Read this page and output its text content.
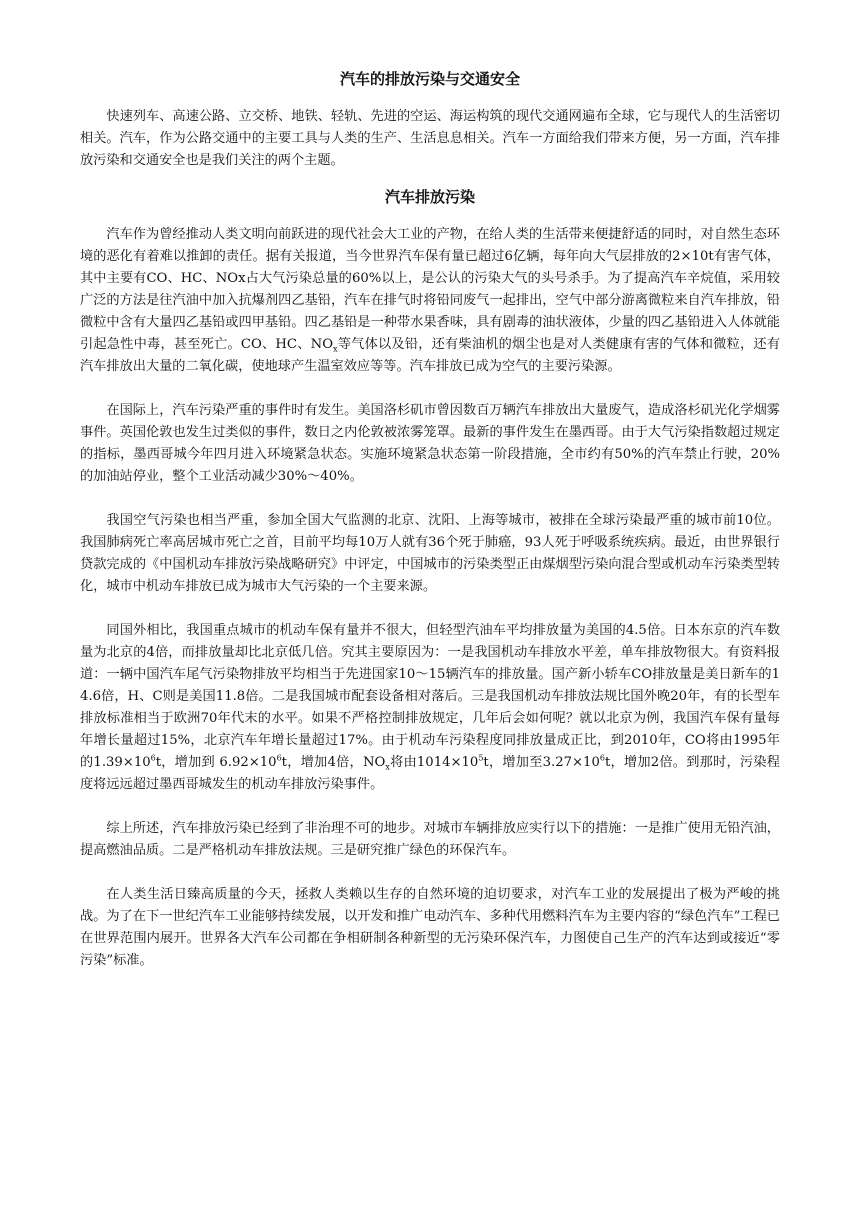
汽车的排放污染与交通安全

快速列车、高速公路、立交桥、地铁、轻轨、先进的空运、海运构筑的现代交通网遍布全球，它与现代人的生活密切相关。汽车，作为公路交通中的主要工具与人类的生产、生活息息相关。汽车一方面给我们带来方便，另一方面，汽车排放污染和交通安全也是我们关注的两个主题。

汽车排放污染

汽车作为曾经推动人类文明向前跃进的现代社会大工业的产物，在给人类的生活带来便捷舒适的同时，对自然生态环境的恶化有着难以推卸的责任。据有关报道，当今世界汽车保有量已超过6亿辆，每年向大气层排放的2×10t有害气体，其中主要有CO、HC、NOx占大气污染总量的60%以上，是公认的污染大气的头号杀手。为了提高汽车辛烷值，采用较广泛的方法是往汽油中加入抗爆剂四乙基铅，汽车在排气时将铅同废气一起排出，空气中部分游离微粒来自汽车排放，铅微粒中含有大量四乙基铅或四甲基铅。四乙基铅是一种带水果香味，具有剧毒的油状液体，少量的四乙基铅进入人体就能引起急性中毒，甚至死亡。CO、HC、$NO_x$等气体以及铅，还有柴油机的烟尘也是对人类健康有害的气体和微粒，还有汽车排放出大量的二氧化碳，使地球产生温室效应等等。汽车排放已成为空气的主要污染源。

在国际上，汽车污染严重的事件时有发生。美国洛杉矶市曾因数百万辆汽车排放出大量废气，造成洛杉矶光化学烟雾事件。英国伦敦也发生过类似的事件，数日之内伦敦被浓雾笼罩。最新的事件发生在墨西哥。由于大气污染指数超过规定的指标，墨西哥城今年四月进入环境紧急状态。实施环境紧急状态第一阶段措施，全市约有50%的汽车禁止行驶，20%的加油站停业，整个工业活动减少30%～40%。

我国空气污染也相当严重，参加全国大气监测的北京、沈阳、上海等城市，被排在全球污染最严重的城市前10位。我国肺病死亡率高居城市死亡之首，目前平均每10万人就有36个死于肺癌，93人死于呼吸系统疾病。最近，由世界银行贷款完成的《中国机动车排放污染战略研究》中评定，中国城市的污染类型正由煤烟型污染向混合型或机动车污染类型转化，城市中机动车排放已成为城市大气污染的一个主要来源。

同国外相比，我国重点城市的机动车保有量并不很大，但轻型汽油车平均排放量为美国的4.5倍。日本东京的汽车数量为北京的4倍，而排放量却比北京低几倍。究其主要原因为：一是我国机动车排放水平差，单车排放物很大。有资料报道：一辆中国汽车尾气污染物排放平均相当于先进国家10～15辆汽车的排放量。国产新小轿车CO排放量是美日新车的14.6倍，H、C则是美国11.8倍。二是我国城市配套设备相对落后。三是我国机动车排放法规比国外晚20年，有的长型车排放标准相当于欧洲70年代末的水平。如果不严格控制排放规定，几年后会如何呢？就以北京为例，我国汽车保有量每年增长量超过15%，北京汽车年增长量超过17%。由于机动车污染程度同排放量成正比，到2010年，CO将由1995年的$1.39\times 10^6t$，增加到 $6.92\times 10^6t$，增加4倍，$NO_x$将由$1014\times 10^5t$，增加至$3.27\times 10^6t$，增加2倍。到那时，污染程度将远远超过墨西哥城发生的机动车排放污染事件。

综上所述，汽车排放污染已经到了非治理不可的地步。对城市车辆排放应实行以下的措施：一是推广使用无铅汽油，提高燃油品质。二是严格机动车排放法规。三是研究推广绿色的环保汽车。

在人类生活日臻高质量的今天，拯救人类赖以生存的自然环境的迫切要求，对汽车工业的发展提出了极为严峻的挑战。为了在下一世纪汽车工业能够持续发展，以开发和推广电动汽车、多种代用燃料汽车为主要内容的“绿色汽车”工程已在世界范围内展开。世界各大汽车公司都在争相研制各种新型的无污染环保汽车，力图使自己生产的汽车达到或接近“零污染”标准。
